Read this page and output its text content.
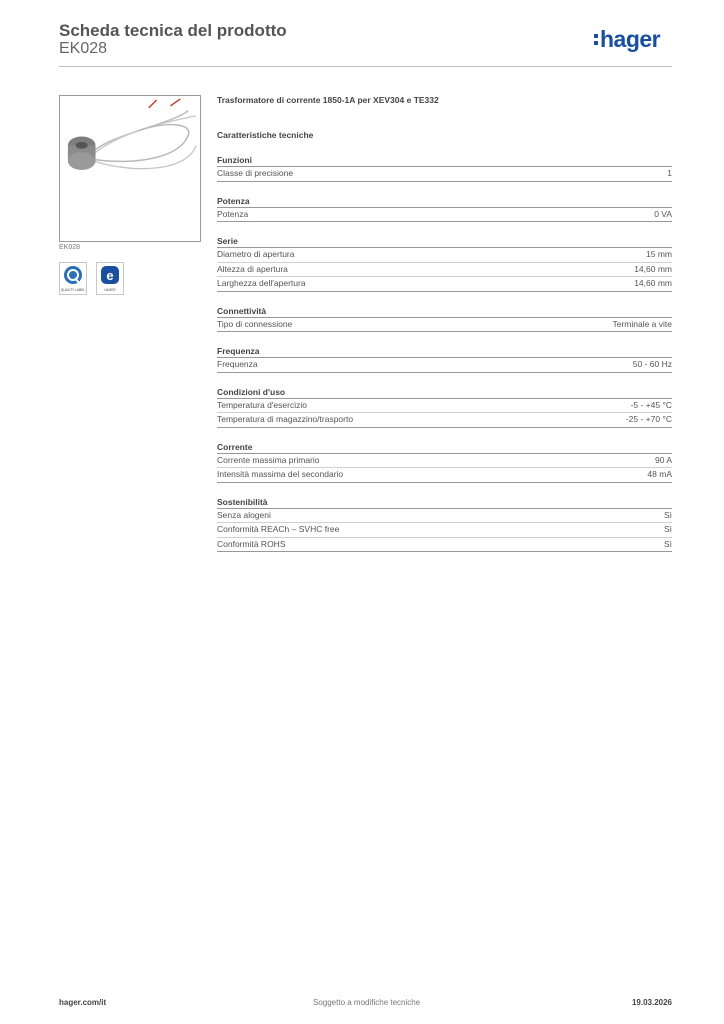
Scheda tecnica del prodotto
EK028	hager
EK028
QUALITY LABEL
e
HAGER
Trasformatore di corrente 1850-1A per XEV304 e TE332
Caratteristiche tecniche
Funzioni
Classe di precisione	1
Potenza
Potenza	0 VA
Serie
Diametro di apertura	15 mm
Altezza di apertura	14,60 mm
Larghezza dell'apertura	14,60 mm
Connettività
Tipo di connessione	Terminale a vite
Frequenza
Frequenza	50 - 60 Hz
Condizioni d'uso
Temperatura d'esercizio	-5 - +45 °C
Temperatura di magazzino/trasporto	-25 - +70 °C
Corrente
Corrente massima primario	90 A
Intensità massima del secondario	48 mA
Sostenibilità
Senza alogeni	Sì
Conformità REACh – SVHC free	Sì
Conformità ROHS	Sì
hager.com/it	Soggetto a modifiche tecniche	19.03.2026
